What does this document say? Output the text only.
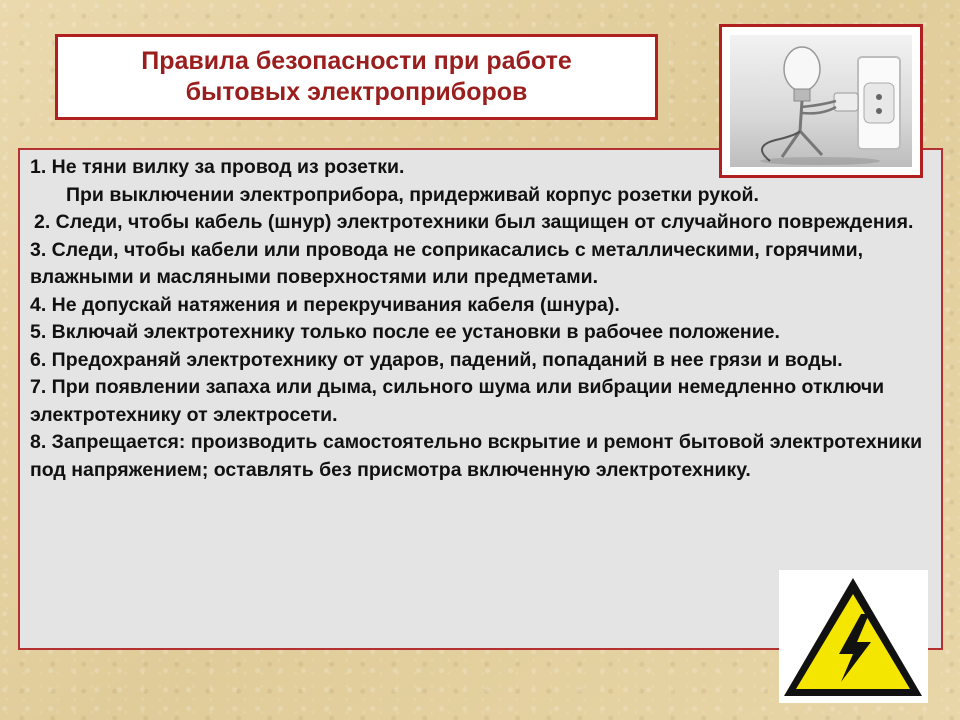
Правила безопасности при работе
бытовых электроприборов

1. Не тяни вилку за провод из розетки.

При выключении электроприбора, придерживай корпус розетки рукой.

2. Следи, чтобы кабель (шнур) электротехники был защищен от случайного повреждения.

3. Следи, чтобы кабели или провода не соприкасались с металлическими, горячими, влажными и масляными поверхностями или предметами.

4. Не допускай натяжения и перекручивания кабеля (шнура).

5. Включай электротехнику только после ее установки в рабочее положение.

6. Предохраняй электротехнику от ударов, падений, попаданий в нее грязи и воды.

7. При появлении запаха или дыма, сильного шума или вибрации немедленно отключи электротехнику от электросети.

8. Запрещается: производить самостоятельно вскрытие и ремонт бытовой электротехники под напряжением; оставлять без присмотра включенную электротехнику.
